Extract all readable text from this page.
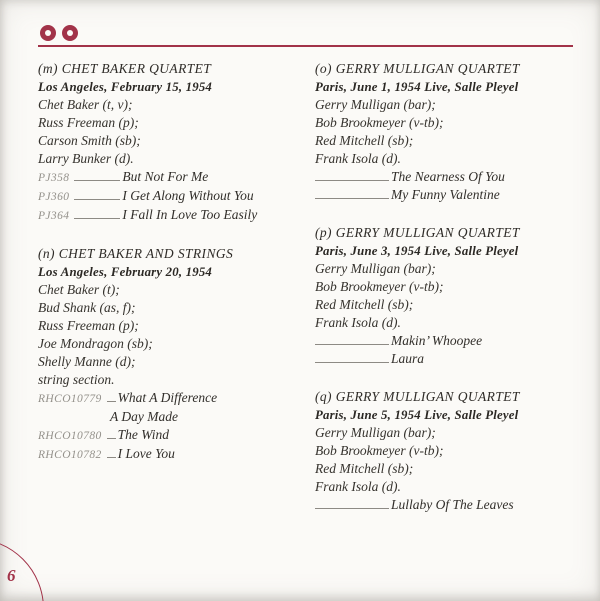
(m) CHET BAKER QUARTET
Los Angeles, February 15, 1954
Chet Baker (t, v);
Russ Freeman (p);
Carson Smith (sb);
Larry Bunker (d).
PJ358	But Not For Me
PJ360	I Get Along Without You
PJ364	I Fall In Love Too Easily
(n) CHET BAKER AND STRINGS
Los Angeles, February 20, 1954
Chet Baker (t);
Bud Shank (as, f);
Russ Freeman (p);
Joe Mondragon (sb);
Shelly Manne (d);
string section.
RHCO10779 What A Difference
A Day Made
RHCO10780 The Wind
RHCO10782 I Love You
(o) GERRY MULLIGAN QUARTET
Paris, June 1, 1954 Live, Salle Pleyel
Gerry Mulligan (bar);
Bob Brookmeyer (v-tb);
Red Mitchell (sb);
Frank Isola (d).
The Nearness Of You
My Funny Valentine
(p) GERRY MULLIGAN QUARTET
Paris, June 3, 1954 Live, Salle Pleyel
Gerry Mulligan (bar);
Bob Brookmeyer (v-tb);
Red Mitchell (sb);
Frank Isola (d).
Makin’ Whoopee
Laura
(q) GERRY MULLIGAN QUARTET
Paris, June 5, 1954 Live, Salle Pleyel
Gerry Mulligan (bar);
Bob Brookmeyer (v-tb);
Red Mitchell (sb);
Frank Isola (d).
Lullaby Of The Leaves
6
